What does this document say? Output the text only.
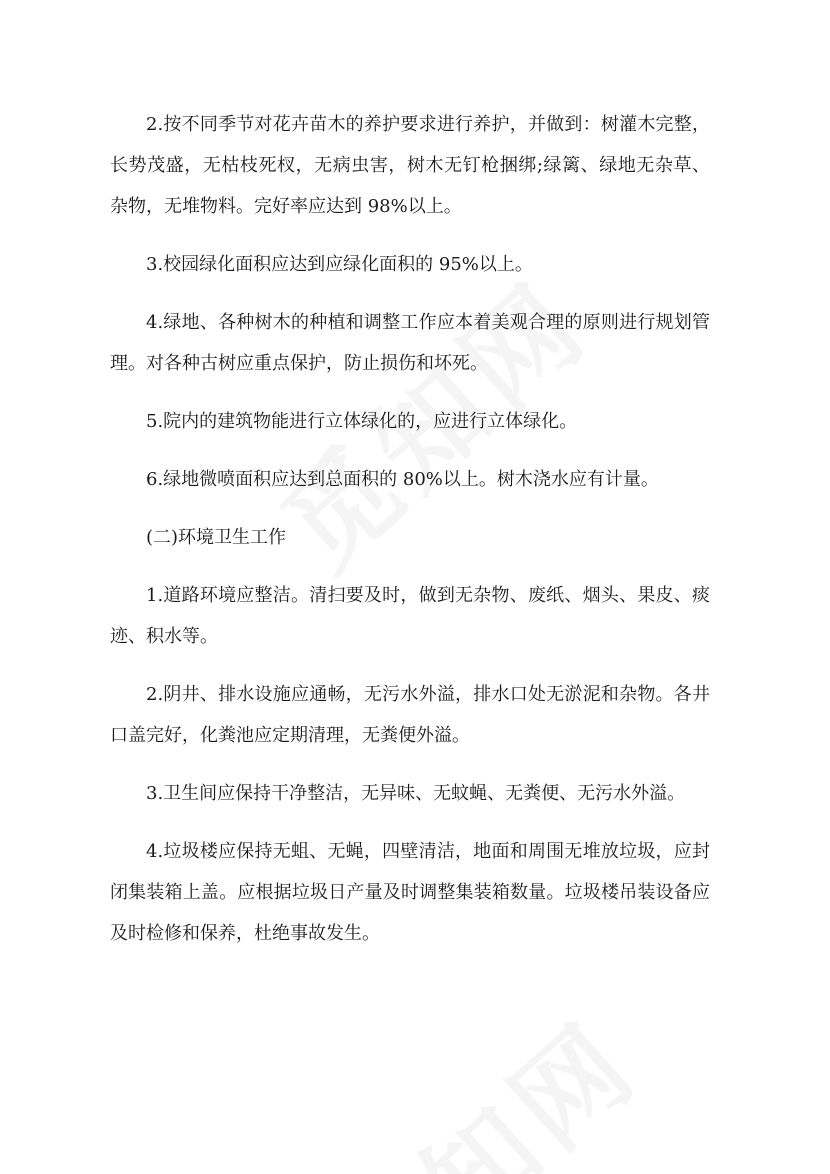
2.按不同季节对花卉苗木的养护要求进行养护，并做到：树灌木完整，长势茂盛，无枯枝死杈，无病虫害，树木无钉枪捆绑;绿篱、绿地无杂草、杂物，无堆物料。完好率应达到 98%以上。

3.校园绿化面积应达到应绿化面积的 95%以上。

4.绿地、各种树木的种植和调整工作应本着美观合理的原则进行规划管理。对各种古树应重点保护，防止损伤和坏死。

5.院内的建筑物能进行立体绿化的，应进行立体绿化。

6.绿地微喷面积应达到总面积的 80%以上。树木浇水应有计量。

(二)环境卫生工作

1.道路环境应整洁。清扫要及时，做到无杂物、废纸、烟头、果皮、痰迹、积水等。

2.阴井、排水设施应通畅，无污水外溢，排水口处无淤泥和杂物。各井口盖完好，化粪池应定期清理，无粪便外溢。

3.卫生间应保持干净整洁，无异味、无蚊蝇、无粪便、无污水外溢。

4.垃圾楼应保持无蛆、无蝇，四壁清洁，地面和周围无堆放垃圾，应封闭集装箱上盖。应根据垃圾日产量及时调整集装箱数量。垃圾楼吊装设备应及时检修和保养，杜绝事故发生。
